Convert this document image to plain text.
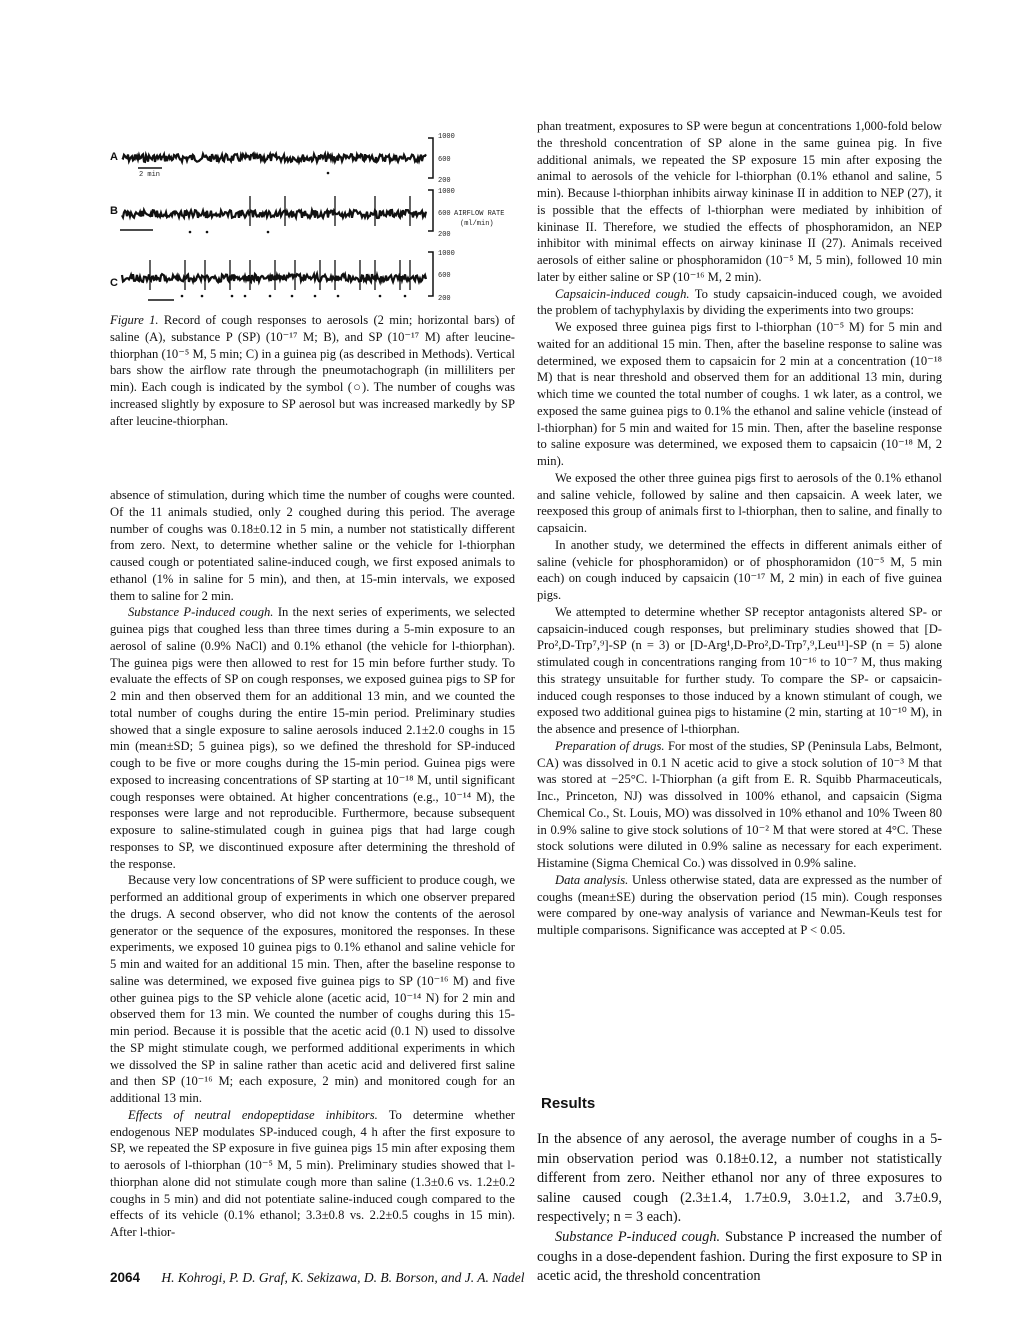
A
B
C
2 min
1000
600
200
1000
600
200
1000
600
200
AIRFLOW RATE
(ml/min)

Figure 1. Record of cough responses to aerosols (2 min; horizontal bars) of saline (A), substance P (SP) (10⁻¹⁷ M; B), and SP (10⁻¹⁷ M) after leucine-thiorphan (10⁻⁵ M, 5 min; C) in a guinea pig (as described in Methods). Vertical bars show the airflow rate through the pneumotachograph (in milliliters per min). Each cough is indicated by the symbol (○). The number of coughs was increased slightly by exposure to SP aerosol but was increased markedly by SP after leucine-thiorphan.

absence of stimulation, during which time the number of coughs were counted. Of the 11 animals studied, only 2 coughed during this period. The average number of coughs was 0.18±0.12 in 5 min, a number not statistically different from zero. Next, to determine whether saline or the vehicle for l-thiorphan caused cough or potentiated saline-induced cough, we first exposed animals to ethanol (1% in saline for 5 min), and then, at 15-min intervals, we exposed them to saline for 2 min.

Substance P-induced cough. In the next series of experiments, we selected guinea pigs that coughed less than three times during a 5-min exposure to an aerosol of saline (0.9% NaCl) and 0.1% ethanol (the vehicle for l-thiorphan). The guinea pigs were then allowed to rest for 15 min before further study. To evaluate the effects of SP on cough responses, we exposed guinea pigs to SP for 2 min and then observed them for an additional 13 min, and we counted the total number of coughs during the entire 15-min period. Preliminary studies showed that a single exposure to saline aerosols induced 2.1±2.0 coughs in 15 min (mean±SD; 5 guinea pigs), so we defined the threshold for SP-induced cough to be five or more coughs during the 15-min period. Guinea pigs were exposed to increasing concentrations of SP starting at 10⁻¹⁸ M, until significant cough responses were obtained. At higher concentrations (e.g., 10⁻¹⁴ M), the responses were large and not reproducible. Furthermore, because subsequent exposure to saline-stimulated cough in guinea pigs that had large cough responses to SP, we discontinued exposure after determining the threshold of the response.

Because very low concentrations of SP were sufficient to produce cough, we performed an additional group of experiments in which one observer prepared the drugs. A second observer, who did not know the contents of the aerosol generator or the sequence of the exposures, monitored the responses. In these experiments, we exposed 10 guinea pigs to 0.1% ethanol and saline vehicle for 5 min and waited for an additional 15 min. Then, after the baseline response to saline was determined, we exposed five guinea pigs to SP (10⁻¹⁶ M) and five other guinea pigs to the SP vehicle alone (acetic acid, 10⁻¹⁴ N) for 2 min and observed them for 13 min. We counted the number of coughs during this 15-min period. Because it is possible that the acetic acid (0.1 N) used to dissolve the SP might stimulate cough, we performed additional experiments in which we dissolved the SP in saline rather than acetic acid and delivered first saline and then SP (10⁻¹⁶ M; each exposure, 2 min) and monitored cough for an additional 13 min.

Effects of neutral endopeptidase inhibitors. To determine whether endogenous NEP modulates SP-induced cough, 4 h after the first exposure to SP, we repeated the SP exposure in five guinea pigs 15 min after exposing them to aerosols of l-thiorphan (10⁻⁵ M, 5 min). Preliminary studies showed that l-thiorphan alone did not stimulate cough more than saline (1.3±0.6 vs. 1.2±0.2 coughs in 5 min) and did not potentiate saline-induced cough compared to the effects of its vehicle (0.1% ethanol; 3.3±0.8 vs. 2.2±0.5 coughs in 15 min). After l-thior-

phan treatment, exposures to SP were begun at concentrations 1,000-fold below the threshold concentration of SP alone in the same guinea pig. In five additional animals, we repeated the SP exposure 15 min after exposing the animal to aerosols of the vehicle for l-thiorphan (0.1% ethanol and saline, 5 min). Because l-thiorphan inhibits airway kininase II in addition to NEP (27), it is possible that the effects of l-thiorphan were mediated by inhibition of kininase II. Therefore, we studied the effects of phosphoramidon, an NEP inhibitor with minimal effects on airway kininase II (27). Animals received aerosols of either saline or phosphoramidon (10⁻⁵ M, 5 min), followed 10 min later by either saline or SP (10⁻¹⁶ M, 2 min).

Capsaicin-induced cough. To study capsaicin-induced cough, we avoided the problem of tachyphylaxis by dividing the experiments into two groups:

We exposed three guinea pigs first to l-thiorphan (10⁻⁵ M) for 5 min and waited for an additional 15 min. Then, after the baseline response to saline was determined, we exposed them to capsaicin for 2 min at a concentration (10⁻¹⁸ M) that is near threshold and observed them for an additional 13 min, during which time we counted the total number of coughs. 1 wk later, as a control, we exposed the same guinea pigs to 0.1% the ethanol and saline vehicle (instead of l-thiorphan) for 5 min and waited for 15 min. Then, after the baseline response to saline exposure was determined, we exposed them to capsaicin (10⁻¹⁸ M, 2 min).

We exposed the other three guinea pigs first to aerosols of the 0.1% ethanol and saline vehicle, followed by saline and then capsaicin. A week later, we reexposed this group of animals first to l-thiorphan, then to saline, and finally to capsaicin.

In another study, we determined the effects in different animals either of saline (vehicle for phosphoramidon) or of phosphoramidon (10⁻⁵ M, 5 min each) on cough induced by capsaicin (10⁻¹⁷ M, 2 min) in each of five guinea pigs.

We attempted to determine whether SP receptor antagonists altered SP- or capsaicin-induced cough responses, but preliminary studies showed that [D-Pro²,D-Trp⁷,⁹]-SP (n = 3) or [D-Arg¹,D-Pro²,D-Trp⁷,⁹,Leu¹¹]-SP (n = 5) alone stimulated cough in concentrations ranging from 10⁻¹⁶ to 10⁻⁷ M, thus making this strategy unsuitable for further study. To compare the SP- or capsaicin-induced cough responses to those induced by a known stimulant of cough, we exposed two additional guinea pigs to histamine (2 min, starting at 10⁻¹⁰ M), in the absence and presence of l-thiorphan.

Preparation of drugs. For most of the studies, SP (Peninsula Labs, Belmont, CA) was dissolved in 0.1 N acetic acid to give a stock solution of 10⁻³ M that was stored at −25°C. l-Thiorphan (a gift from E. R. Squibb Pharmaceuticals, Inc., Princeton, NJ) was dissolved in 100% ethanol, and capsaicin (Sigma Chemical Co., St. Louis, MO) was dissolved in 10% ethanol and 10% Tween 80 in 0.9% saline to give stock solutions of 10⁻² M that were stored at 4°C. These stock solutions were diluted in 0.9% saline as necessary for each experiment. Histamine (Sigma Chemical Co.) was dissolved in 0.9% saline.

Data analysis. Unless otherwise stated, data are expressed as the number of coughs (mean±SE) during the observation period (15 min). Cough responses were compared by one-way analysis of variance and Newman-Keuls test for multiple comparisons. Significance was accepted at P < 0.05.

Results

In the absence of any aerosol, the average number of coughs in a 5-min observation period was 0.18±0.12, a number not statistically different from zero. Neither ethanol nor any of three exposures to saline caused cough (2.3±1.4, 1.7±0.9, 3.0±1.2, and 3.7±0.9, respectively; n = 3 each).

Substance P-induced cough. Substance P increased the number of coughs in a dose-dependent fashion. During the first exposure to SP in acetic acid, the threshold concentration

2064 H. Kohrogi, P. D. Graf, K. Sekizawa, D. B. Borson, and J. A. Nadel
